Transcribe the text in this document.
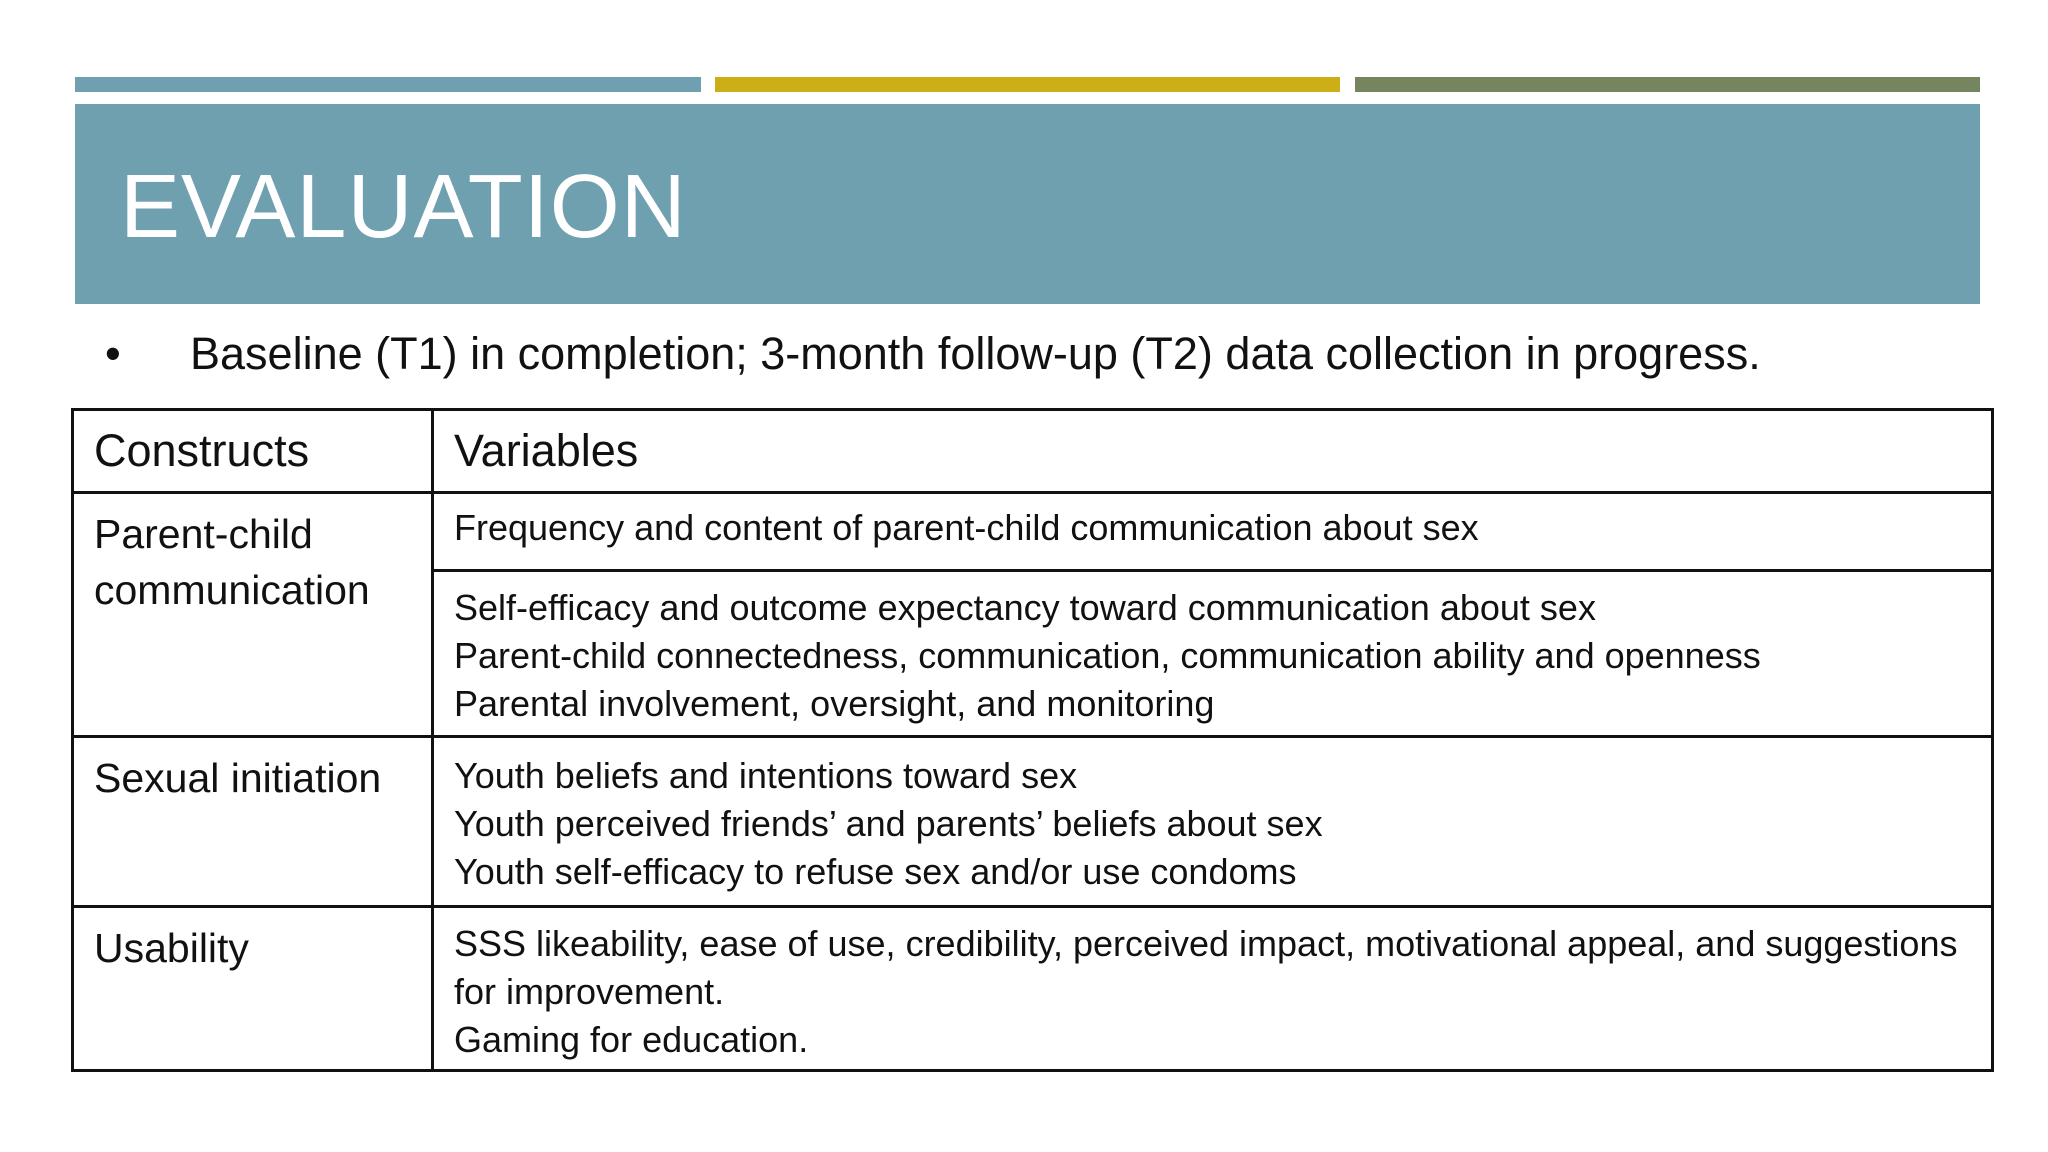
EVALUATION
•	Baseline (T1) in completion; 3-month follow-up (T2) data collection in progress.
Constructs	Variables
Parent-child communication	Frequency and content of parent-child communication about sex

	Self-efficacy and outcome expectancy toward communication about sex
Parent-child connectedness, communication, communication ability and openness
Parental involvement, oversight, and monitoring

Sexual initiation	Youth beliefs and intentions toward sex
Youth perceived friends’ and parents’ beliefs about sex
Youth self-efficacy to refuse sex and/or use condoms

Usability	SSS likeability, ease of use, credibility, perceived impact, motivational appeal, and suggestions for improvement.
Gaming for education.
